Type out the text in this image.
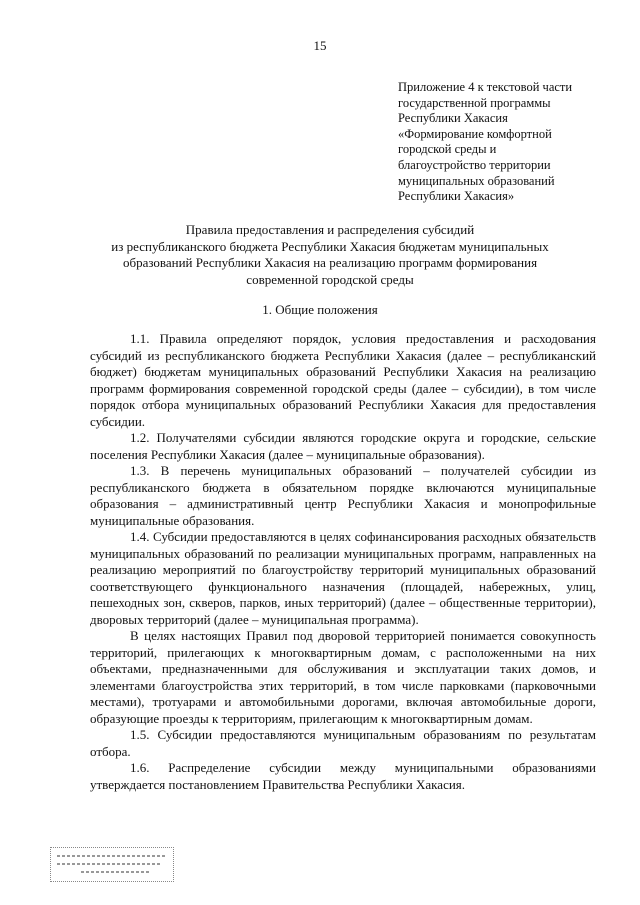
15
Приложение 4 к текстовой части
государственной программы
Республики Хакасия
«Формирование комфортной
городской среды и
благоустройство территории
муниципальных образований
Республики Хакасия»
Правила предоставления и распределения субсидий
из республиканского бюджета Республики Хакасия бюджетам муниципальных
образований Республики Хакасия на реализацию программ формирования
современной городской среды
1. Общие положения

1.1. Правила определяют порядок, условия предоставления и расходования субсидий из республиканского бюджета Республики Хакасия (далее – республиканский бюджет) бюджетам муниципальных образований Республики Хакасия на реализацию программ формирования современной городской среды (далее – субсидии), в том числе порядок отбора муниципальных образований Республики Хакасия для предоставления субсидии.

1.2. Получателями субсидии являются городские округа и городские, сельские поселения Республики Хакасия (далее – муниципальные образования).

1.3. В перечень муниципальных образований – получателей субсидии из республиканского бюджета в обязательном порядке включаются муниципальные образования – административный центр Республики Хакасия и монопрофильные муниципальные образования.

1.4. Субсидии предоставляются в целях софинансирования расходных обязательств муниципальных образований по реализации муниципальных программ, направленных на реализацию мероприятий по благоустройству территорий муниципальных образований соответствующего функционального назначения (площадей, набережных, улиц, пешеходных зон, скверов, парков, иных территорий) (далее – общественные территории), дворовых территорий (далее – муниципальная программа).

В целях настоящих Правил под дворовой территорией понимается совокупность территорий, прилегающих к многоквартирным домам, с расположенными на них объектами, предназначенными для обслуживания и эксплуатации таких домов, и элементами благоустройства этих территорий, в том числе парковками (парковочными местами), тротуарами и автомобильными дорогами, включая автомобильные дороги, образующие проезды к территориям, прилегающим к многоквартирным домам.

1.5. Субсидии предоставляются муниципальным образованиям по результатам отбора.

1.6. Распределение субсидии между муниципальными образованиями утверждается постановлением Правительства Республики Хакасия.
